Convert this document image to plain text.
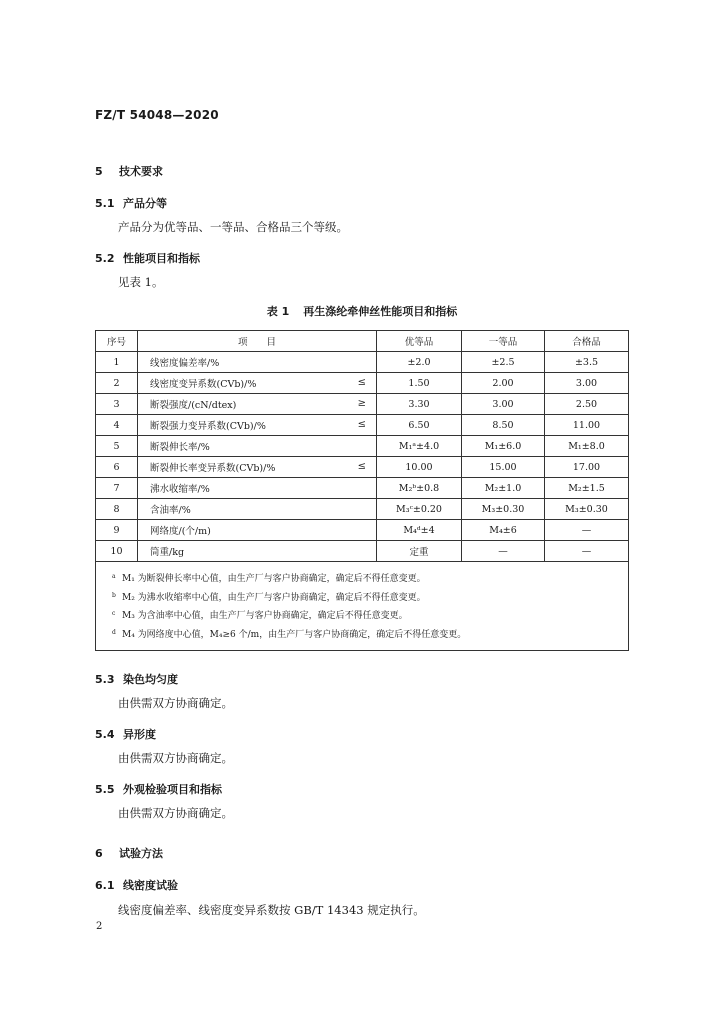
FZ/T 54048—2020
5 技术要求
5.1 产品分等
产品分为优等品、一等品、合格品三个等级。
5.2 性能项目和指标
见表 1。
表 1 再生涤纶牵伸丝性能项目和指标
序号	项　　目	优等品	一等品	合格品
1	线密度偏差率/%	±2.0	±2.5	±3.5
2	线密度变异系数(CVb)/% ≤	1.50	2.00	3.00
3	断裂强度/(cN/dtex) ≥	3.30	3.00	2.50
4	断裂强力变异系数(CVb)/% ≤	6.50	8.50	11.00
5	断裂伸长率/%	M₁ᵃ±4.0	M₁±6.0	M₁±8.0
6	断裂伸长率变异系数(CVb)/% ≤	10.00	15.00	17.00
7	沸水收缩率/%	M₂ᵇ±0.8	M₂±1.0	M₂±1.5
8	含油率/%	M₃ᶜ±0.20	M₃±0.30	M₃±0.30
9	网络度/(个/m)	M₄ᵈ±4	M₄±6	—
10	筒重/kg	定重	—	—

$^a$ M₁ 为断裂伸长率中心值，由生产厂与客户协商确定，确定后不得任意变更。
$^b$ M₂ 为沸水收缩率中心值，由生产厂与客户协商确定，确定后不得任意变更。
$^c$ M₃ 为含油率中心值，由生产厂与客户协商确定，确定后不得任意变更。
$^d$ M₄ 为网络度中心值，M₄≥6 个/m，由生产厂与客户协商确定，确定后不得任意变更。				
5.3 染色均匀度
由供需双方协商确定。
5.4 异形度
由供需双方协商确定。
5.5 外观检验项目和指标
由供需双方协商确定。
6 试验方法
6.1 线密度试验
线密度偏差率、线密度变异系数按 GB/T 14343 规定执行。
2
